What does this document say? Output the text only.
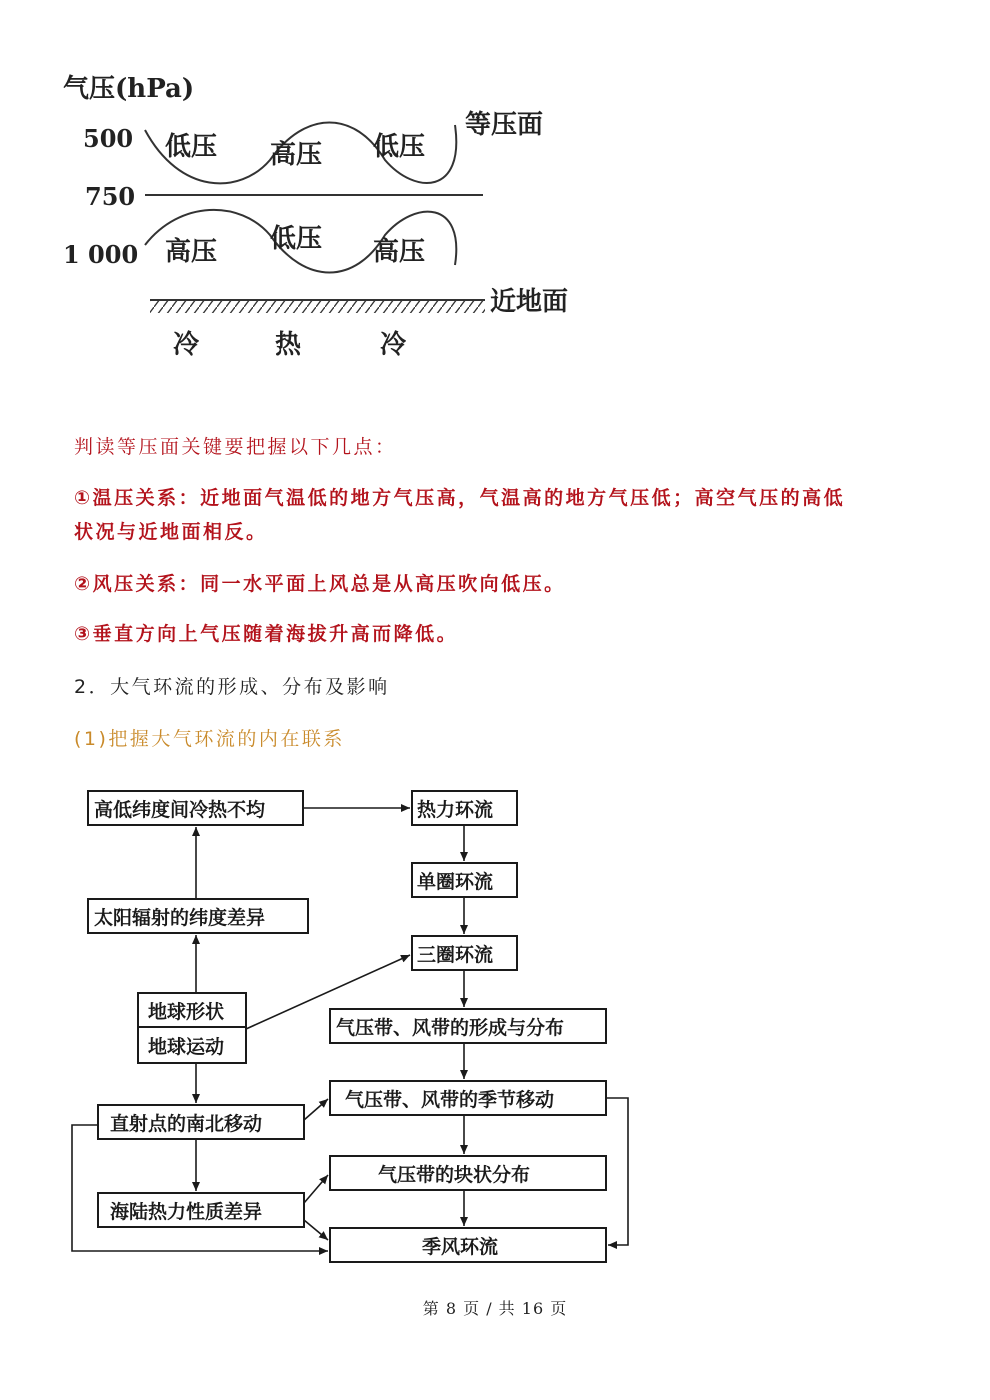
气压(hPa)
500
750
1 000
低压 高压 低压
高压 低压 高压
等压面
近地面
冷	热	冷
判读等压面关键要把握以下几点：
①温压关系：近地面气温低的地方气压高，气温高的地方气压低；高空气压的高低
状况与近地面相反。
②风压关系：同一水平面上风总是从高压吹向低压。
③垂直方向上气压随着海拔升高而降低。
2．大气环流的形成、分布及影响
(1)把握大气环流的内在联系
高低纬度间冷热不均
太阳辐射的纬度差异
地球形状
地球运动
直射点的南北移动
海陆热力性质差异
热力环流
单圈环流
三圈环流
气压带、风带的形成与分布
气压带、风带的季节移动
气压带的块状分布
季风环流
第 8 页 / 共 16 页
